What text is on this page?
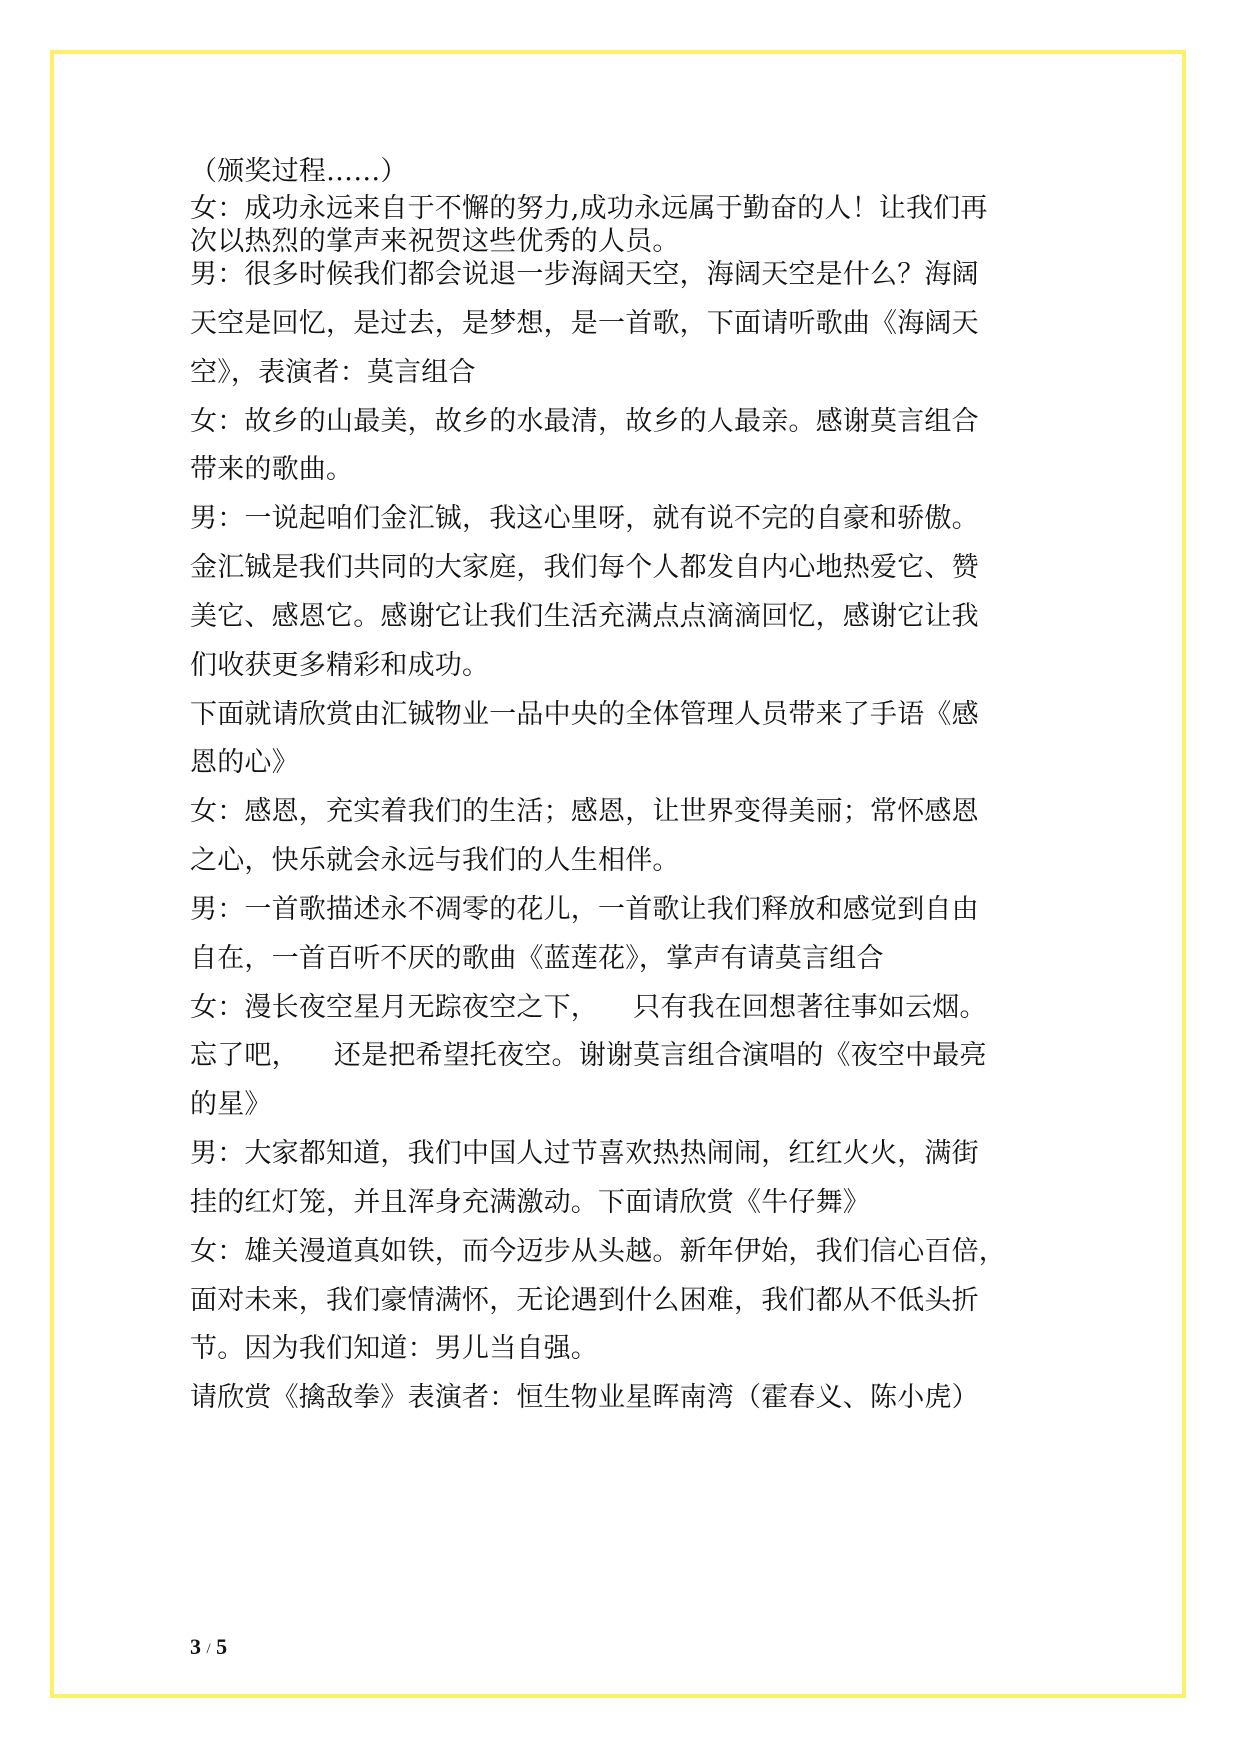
（颁奖过程……）
女：成功永远来自于不懈的努力,成功永远属于勤奋的人！让我们再
次以热烈的掌声来祝贺这些优秀的人员。
男：很多时候我们都会说退一步海阔天空，海阔天空是什么？海阔
天空是回忆，是过去，是梦想，是一首歌，下面请听歌曲《海阔天
空》，表演者：莫言组合
女：故乡的山最美，故乡的水最清，故乡的人最亲。感谢莫言组合
带来的歌曲。
男：一说起咱们金汇铖，我这心里呀，就有说不完的自豪和骄傲。
金汇铖是我们共同的大家庭，我们每个人都发自内心地热爱它、赞
美它、感恩它。感谢它让我们生活充满点点滴滴回忆，感谢它让我
们收获更多精彩和成功。
下面就请欣赏由汇铖物业一品中央的全体管理人员带来了手语《感
恩的心》
女：感恩，充实着我们的生活；感恩，让世界变得美丽；常怀感恩
之心，快乐就会永远与我们的人生相伴。
男：一首歌描述永不凋零的花儿，一首歌让我们释放和感觉到自由
自在，一首百听不厌的歌曲《蓝莲花》，掌声有请莫言组合
女：漫长夜空星月无踪夜空之下，    只有我在回想著往事如云烟。
忘了吧，    还是把希望托夜空。谢谢莫言组合演唱的《夜空中最亮
的星》
男：大家都知道，我们中国人过节喜欢热热闹闹，红红火火，满街
挂的红灯笼，并且浑身充满激动。下面请欣赏《牛仔舞》
女：雄关漫道真如铁，而今迈步从头越。新年伊始，我们信心百倍，
面对未来，我们豪情满怀，无论遇到什么困难，我们都从不低头折
节。因为我们知道：男儿当自强。
请欣赏《擒敌拳》表演者：恒生物业星晖南湾（霍春义、陈小虎）
3 / 5
